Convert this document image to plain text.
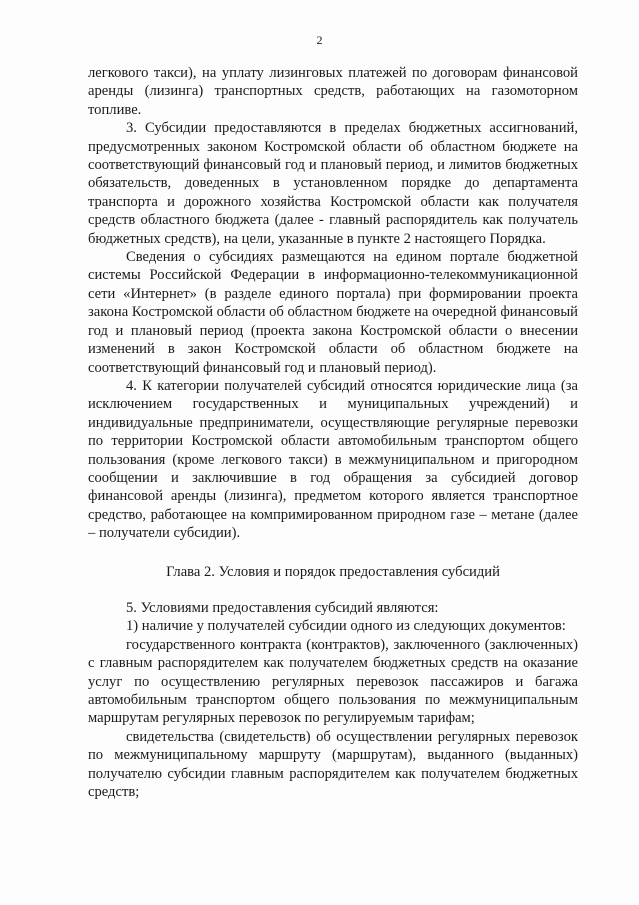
2

легкового такси), на уплату лизинговых платежей по договорам финансовой аренды (лизинга) транспортных средств, работающих на газомоторном топливе.

3. Субсидии предоставляются в пределах бюджетных ассигнований, предусмотренных законом Костромской области об областном бюджете на соответствующий финансовый год и плановый период, и лимитов бюджетных обязательств, доведенных в установленном порядке до департамента транспорта и дорожного хозяйства Костромской области как получателя средств областного бюджета (далее - главный распорядитель как получатель бюджетных средств), на цели, указанные в пункте 2 настоящего Порядка.

Сведения о субсидиях размещаются на едином портале бюджетной системы Российской Федерации в информационно-телекоммуникационной сети «Интернет» (в разделе единого портала) при формировании проекта закона Костромской области об областном бюджете на очередной финансовый год и плановый период (проекта закона Костромской области о внесении изменений в закон Костромской области об областном бюджете на соответствующий финансовый год и плановый период).

4. К категории получателей субсидий относятся юридические лица (за исключением государственных и муниципальных учреждений) и индивидуальные предприниматели, осуществляющие регулярные перевозки по территории Костромской области автомобильным транспортом общего пользования (кроме легкового такси) в межмуниципальном и пригородном сообщении и заключившие в год обращения за субсидией договор финансовой аренды (лизинга), предметом которого является транспортное средство, работающее на компримированном природном газе – метане (далее – получатели субсидии).

Глава 2. Условия и порядок предоставления субсидий

5. Условиями предоставления субсидий являются:

1) наличие у получателей субсидии одного из следующих документов:

государственного контракта (контрактов), заключенного (заключенных) с главным распорядителем как получателем бюджетных средств на оказание услуг по осуществлению регулярных перевозок пассажиров и багажа автомобильным транспортом общего пользования по межмуниципальным маршрутам регулярных перевозок по регулируемым тарифам;

свидетельства (свидетельств) об осуществлении регулярных перевозок по межмуниципальному маршруту (маршрутам), выданного (выданных) получателю субсидии главным распорядителем как получателем бюджетных средств;
